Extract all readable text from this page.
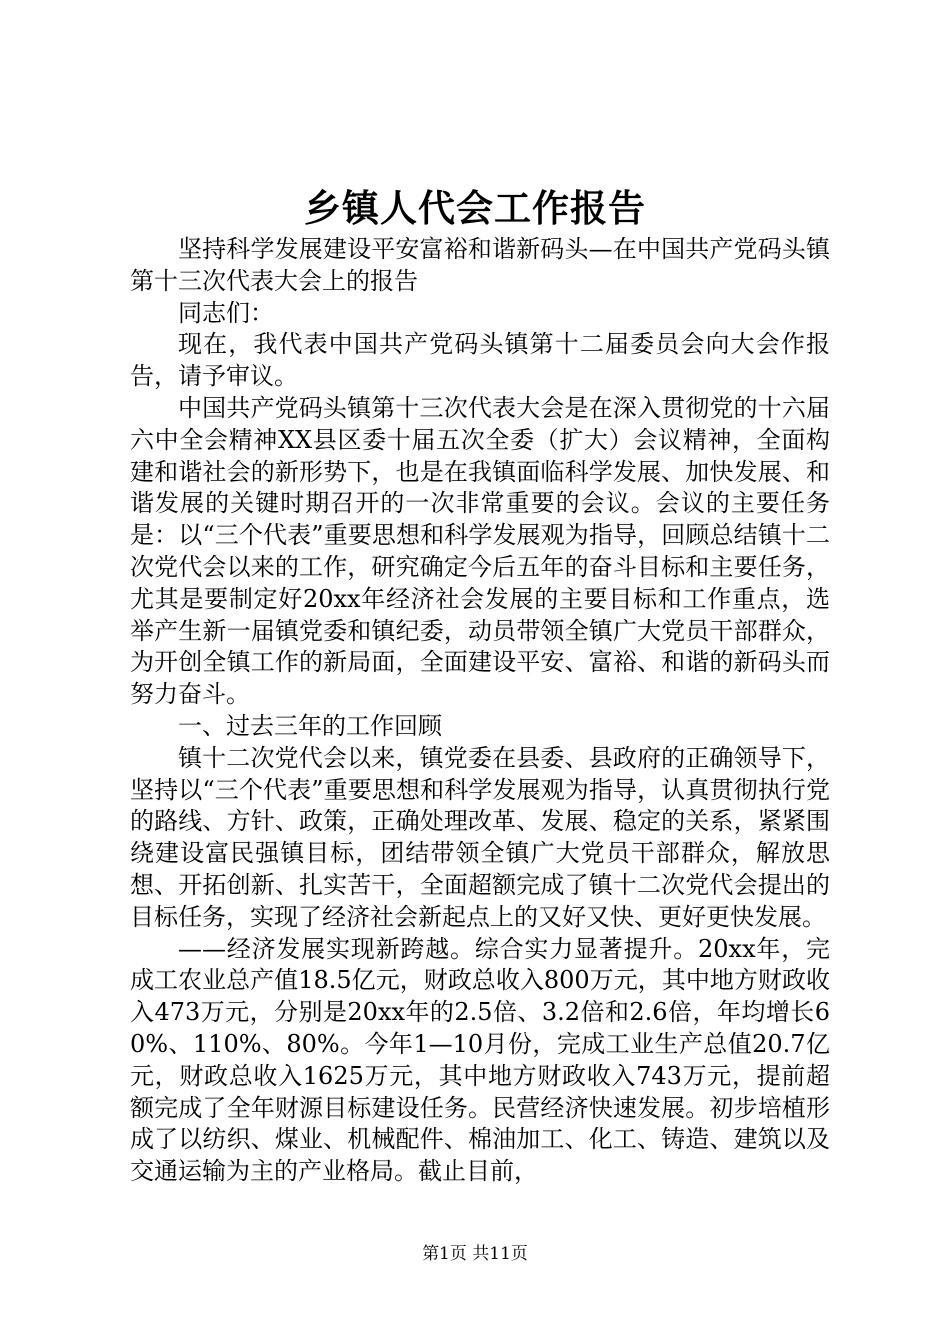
乡镇人代会工作报告

坚持科学发展建设平安富裕和谐新码头—在中国共产党码头镇第十三次代表大会上的报告

同志们：

现在，我代表中国共产党码头镇第十二届委员会向大会作报告，请予审议。

中国共产党码头镇第十三次代表大会是在深入贯彻党的十六届六中全会精神XX县区委十届五次全委（扩大）会议精神，全面构建和谐社会的新形势下，也是在我镇面临科学发展、加快发展、和谐发展的关键时期召开的一次非常重要的会议。会议的主要任务是：以“三个代表”重要思想和科学发展观为指导，回顾总结镇十二次党代会以来的工作，研究确定今后五年的奋斗目标和主要任务，尤其是要制定好20xx年经济社会发展的主要目标和工作重点，选举产生新一届镇党委和镇纪委，动员带领全镇广大党员干部群众，为开创全镇工作的新局面，全面建设平安、富裕、和谐的新码头而努力奋斗。

一、过去三年的工作回顾

镇十二次党代会以来，镇党委在县委、县政府的正确领导下，坚持以“三个代表”重要思想和科学发展观为指导，认真贯彻执行党的路线、方针、政策，正确处理改革、发展、稳定的关系，紧紧围绕建设富民强镇目标，团结带领全镇广大党员干部群众，解放思想、开拓创新、扎实苦干，全面超额完成了镇十二次党代会提出的目标任务，实现了经济社会新起点上的又好又快、更好更快发展。

——经济发展实现新跨越。综合实力显著提升。20xx年，完成工农业总产值18.5亿元，财政总收入800万元，其中地方财政收入473万元，分别是20xx年的2.5倍、3.2倍和2.6倍，年均增长60%、110%、80%。今年1—10月份，完成工业生产总值20.7亿元，财政总收入1625万元，其中地方财政收入743万元，提前超额完成了全年财源目标建设任务。民营经济快速发展。初步培植形成了以纺织、煤业、机械配件、棉油加工、化工、铸造、建筑以及交通运输为主的产业格局。截止目前，

第1页 共11页
